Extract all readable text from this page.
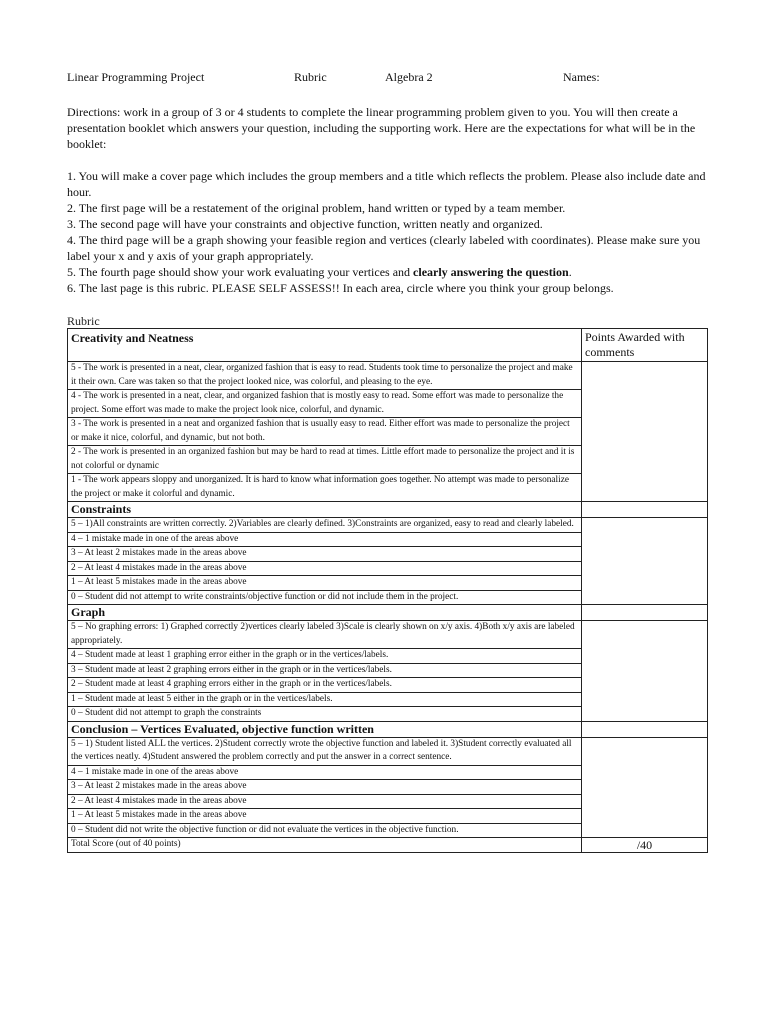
Linear Programming Project	Rubric	Algebra 2	Names:

Directions: work in a group of 3 or 4 students to complete the linear programming problem given to you. You will then create a presentation booklet which answers your question, including the supporting work. Here are the expectations for what will be in the booklet:

1. You will make a cover page which includes the group members and a title which reflects the problem. Please also include date and hour.

2. The first page will be a restatement of the original problem, hand written or typed by a team member.

3. The second page will have your constraints and objective function, written neatly and organized.

4. The third page will be a graph showing your feasible region and vertices (clearly labeled with coordinates). Please make sure you label your x and y axis of your graph appropriately.

5. The fourth page should show your work evaluating your vertices and clearly answering the question.

6. The last page is this rubric. PLEASE SELF ASSESS!! In each area, circle where you think your group belongs.

Rubric
Creativity and Neatness	Points Awarded with comments
5 - The work is presented in a neat, clear, organized fashion that is easy to read. Students took time to personalize the project and make it their own. Care was taken so that the project looked nice, was colorful, and pleasing to the eye.	
4 - The work is presented in a neat, clear, and organized fashion that is mostly easy to read. Some effort was made to personalize the project. Some effort was made to make the project look nice, colorful, and dynamic.	
3 - The work is presented in a neat and organized fashion that is usually easy to read. Either effort was made to personalize the project or make it nice, colorful, and dynamic, but not both.	
2 - The work is presented in an organized fashion but may be hard to read at times. Little effort made to personalize the project and it is not colorful or dynamic	
1 - The work appears sloppy and unorganized. It is hard to know what information goes together. No attempt was made to personalize the project or make it colorful and dynamic.	
Constraints	
5 – 1)All constraints are written correctly. 2)Variables are clearly defined. 3)Constraints are organized, easy to read and clearly labeled.	
4 – 1 mistake made in one of the areas above	
3 – At least 2 mistakes made in the areas above	
2 – At least 4 mistakes made in the areas above	
1 – At least 5 mistakes made in the areas above	
0 – Student did not attempt to write constraints/objective function or did not include them in the project.	
Graph	
5 – No graphing errors: 1) Graphed correctly 2)vertices clearly labeled 3)Scale is clearly shown on x/y axis. 4)Both x/y axis are labeled appropriately.	
4 – Student made at least 1 graphing error either in the graph or in the vertices/labels.	
3 – Student made at least 2 graphing errors either in the graph or in the vertices/labels.	
2 – Student made at least 4 graphing errors either in the graph or in the vertices/labels.	
1 – Student made at least 5 either in the graph or in the vertices/labels.	
0 – Student did not attempt to graph the constraints	
Conclusion – Vertices Evaluated, objective function written	
5 – 1) Student listed ALL the vertices. 2)Student correctly wrote the objective function and labeled it. 3)Student correctly evaluated all the vertices neatly. 4)Student answered the problem correctly and put the answer in a correct sentence.	
4 – 1 mistake made in one of the areas above	
3 – At least 2 mistakes made in the areas above	
2 – At least 4 mistakes made in the areas above	
1 – At least 5 mistakes made in the areas above	
0 – Student did not write the objective function or did not evaluate the vertices in the objective function.	
Total Score (out of 40 points)	/40
